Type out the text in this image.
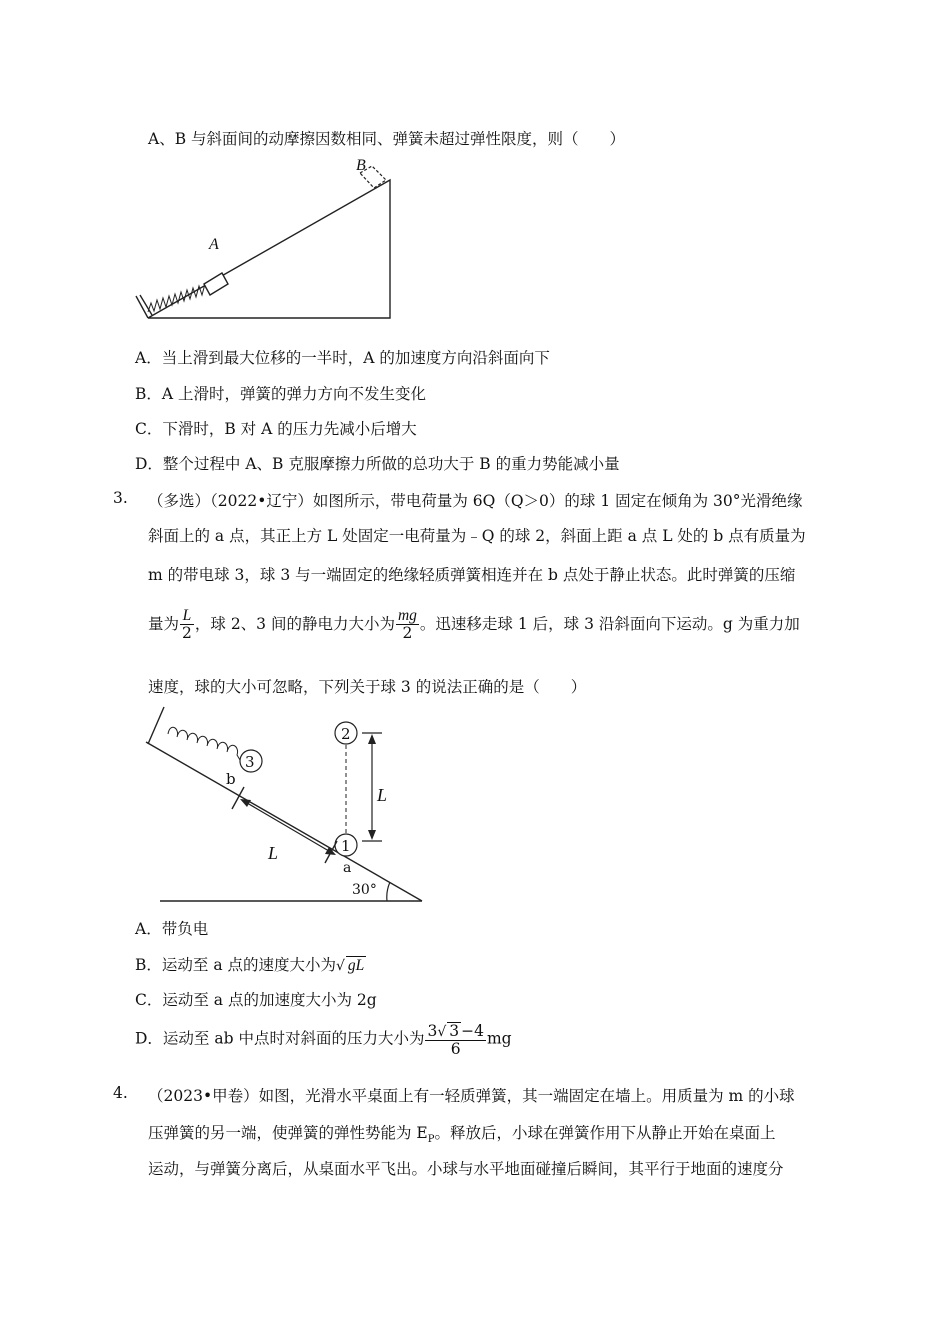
A、B 与斜面间的动摩擦因数相同、弹簧未超过弹性限度，则（　　）
A
B
A．当上滑到最大位移的一半时，A 的加速度方向沿斜面向下
B．A 上滑时，弹簧的弹力方向不发生变化
C．下滑时，B 对 A 的压力先减小后增大
D．整个过程中 A、B 克服摩擦力所做的总功大于 B 的重力势能减小量
3. （多选）（2022•辽宁）如图所示，带电荷量为 6Q（Q＞0）的球 1 固定在倾角为 30°光滑绝缘
斜面上的 a 点，其正上方 L 处固定一电荷量为﹣Q 的球 2，斜面上距 a 点 L 处的 b 点有质量为
m 的带电球 3，球 3 与一端固定的绝缘轻质弹簧相连并在 b 点处于静止状态。此时弹簧的压缩
量为 $\frac{L}{2}$ ，球 2、3 间的静电力大小为 $\frac{mg}{2}$ 。迅速移走球 1 后，球 3 沿斜面向下运动。g 为重力加
速度，球的大小可忽略，下列关于球 3 的说法正确的是（　　）
3
1
2
b
a
L
L
30°
A．带负电
B．运动至 a 点的速度大小为√ gL
C．运动至 a 点的加速度大小为 2g
D．运动至 ab 中点时对斜面的压力大小为 $\frac{3√ 3 -4}{6}$ mg
4. （2023•甲卷）如图，光滑水平桌面上有一轻质弹簧，其一端固定在墙上。用质量为 m 的小球
压弹簧的另一端，使弹簧的弹性势能为 $E_P$。释放后，小球在弹簧作用下从静止开始在桌面上
运动，与弹簧分离后，从桌面水平飞出。小球与水平地面碰撞后瞬间，其平行于地面的速度分
